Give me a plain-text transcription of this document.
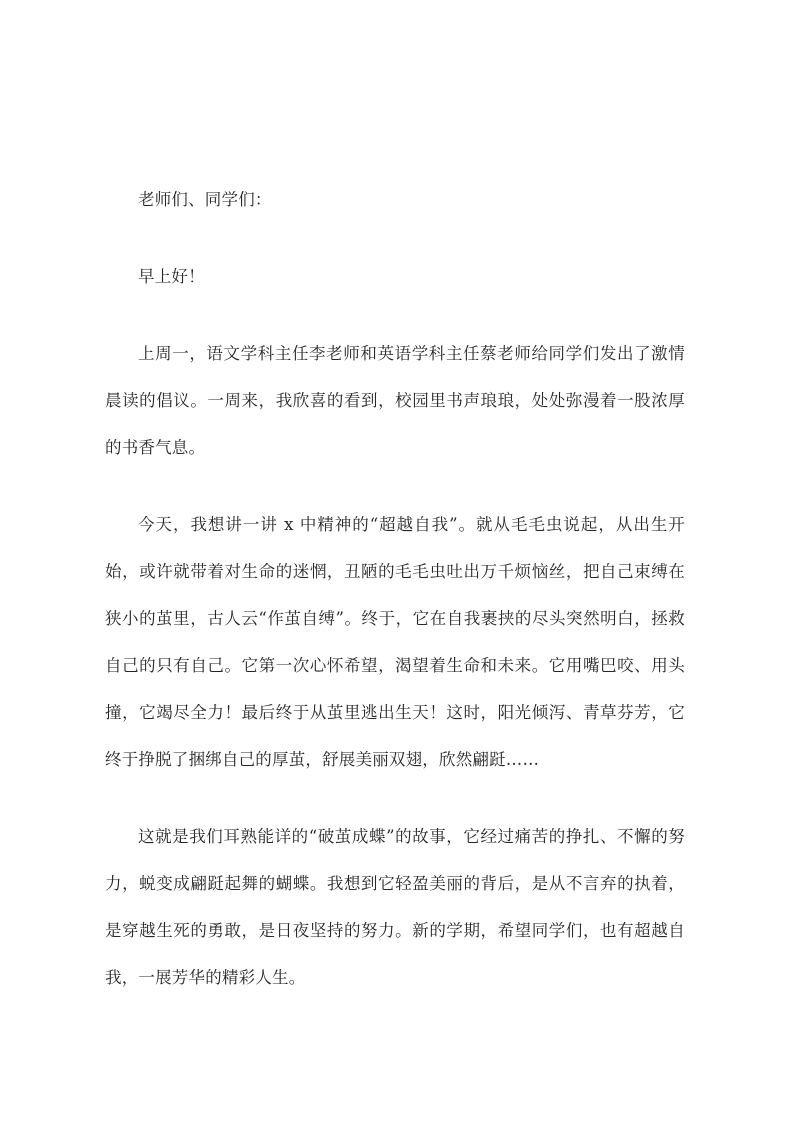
老师们、同学们：

早上好！

上周一，语文学科主任李老师和英语学科主任蔡老师给同学们发出了激情晨读的倡议。一周来，我欣喜的看到，校园里书声琅琅，处处弥漫着一股浓厚的书香气息。

今天，我想讲一讲 x 中精神的“超越自我”。就从毛毛虫说起，从出生开始，或许就带着对生命的迷惘，丑陋的毛毛虫吐出万千烦恼丝，把自己束缚在狭小的茧里，古人云“作茧自缚”。终于，它在自我裹挟的尽头突然明白，拯救自己的只有自己。它第一次心怀希望，渴望着生命和未来。它用嘴巴咬、用头撞，它竭尽全力！最后终于从茧里逃出生天！这时，阳光倾泻、青草芬芳，它终于挣脱了捆绑自己的厚茧，舒展美丽双翅，欣然翩跹……

这就是我们耳熟能详的“破茧成蝶”的故事，它经过痛苦的挣扎、不懈的努力，蜕变成翩跹起舞的蝴蝶。我想到它轻盈美丽的背后，是从不言弃的执着，是穿越生死的勇敢，是日夜坚持的努力。新的学期，希望同学们，也有超越自我，一展芳华的精彩人生。
